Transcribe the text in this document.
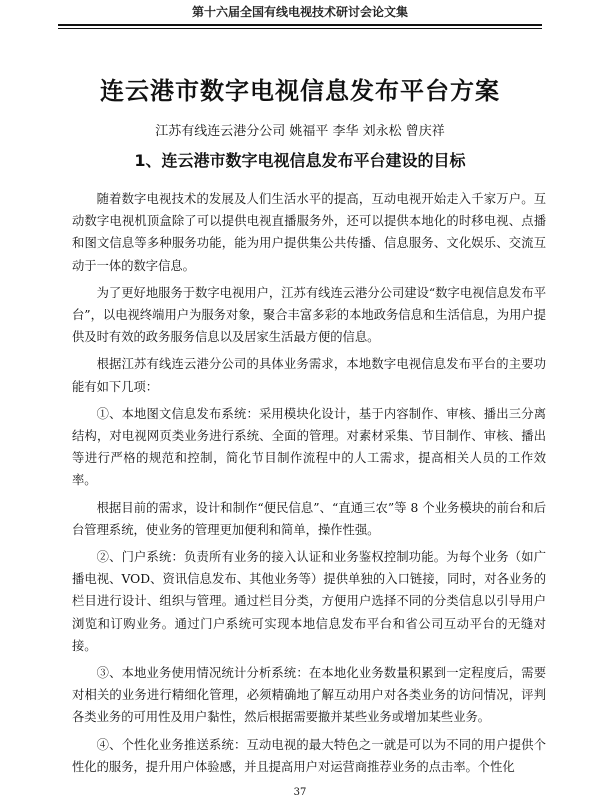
第十六届全国有线电视技术研讨会论文集
连云港市数字电视信息发布平台方案
江苏有线连云港分公司 姚福平 李华 刘永松 曾庆祥
1、连云港市数字电视信息发布平台建设的目标

随着数字电视技术的发展及人们生活水平的提高，互动电视开始走入千家万户。互动数字电视机顶盒除了可以提供电视直播服务外，还可以提供本地化的时移电视、点播和图文信息等多种服务功能，能为用户提供集公共传播、信息服务、文化娱乐、交流互动于一体的数字信息。

为了更好地服务于数字电视用户，江苏有线连云港分公司建设“数字电视信息发布平台”，以电视终端用户为服务对象，聚合丰富多彩的本地政务信息和生活信息，为用户提供及时有效的政务服务信息以及居家生活最方便的信息。

根据江苏有线连云港分公司的具体业务需求，本地数字电视信息发布平台的主要功能有如下几项：

①、本地图文信息发布系统：采用模块化设计，基于内容制作、审核、播出三分离结构，对电视网页类业务进行系统、全面的管理。对素材采集、节目制作、审核、播出等进行严格的规范和控制，简化节目制作流程中的人工需求，提高相关人员的工作效率。

根据目前的需求，设计和制作“便民信息”、“直通三农”等 8 个业务模块的前台和后台管理系统，使业务的管理更加便利和简单，操作性强。

②、门户系统：负责所有业务的接入认证和业务鉴权控制功能。为每个业务（如广播电视、VOD、资讯信息发布、其他业务等）提供单独的入口链接，同时，对各业务的栏目进行设计、组织与管理。通过栏目分类，方便用户选择不同的分类信息以引导用户浏览和订购业务。通过门户系统可实现本地信息发布平台和省公司互动平台的无缝对接。

③、本地业务使用情况统计分析系统：在本地化业务数量积累到一定程度后，需要对相关的业务进行精细化管理，必须精确地了解互动用户对各类业务的访问情况，评判各类业务的可用性及用户黏性，然后根据需要撤并某些业务或增加某些业务。

④、个性化业务推送系统：互动电视的最大特色之一就是可以为不同的用户提供个性化的服务，提升用户体验感，并且提高用户对运营商推荐业务的点击率。个性化

37
